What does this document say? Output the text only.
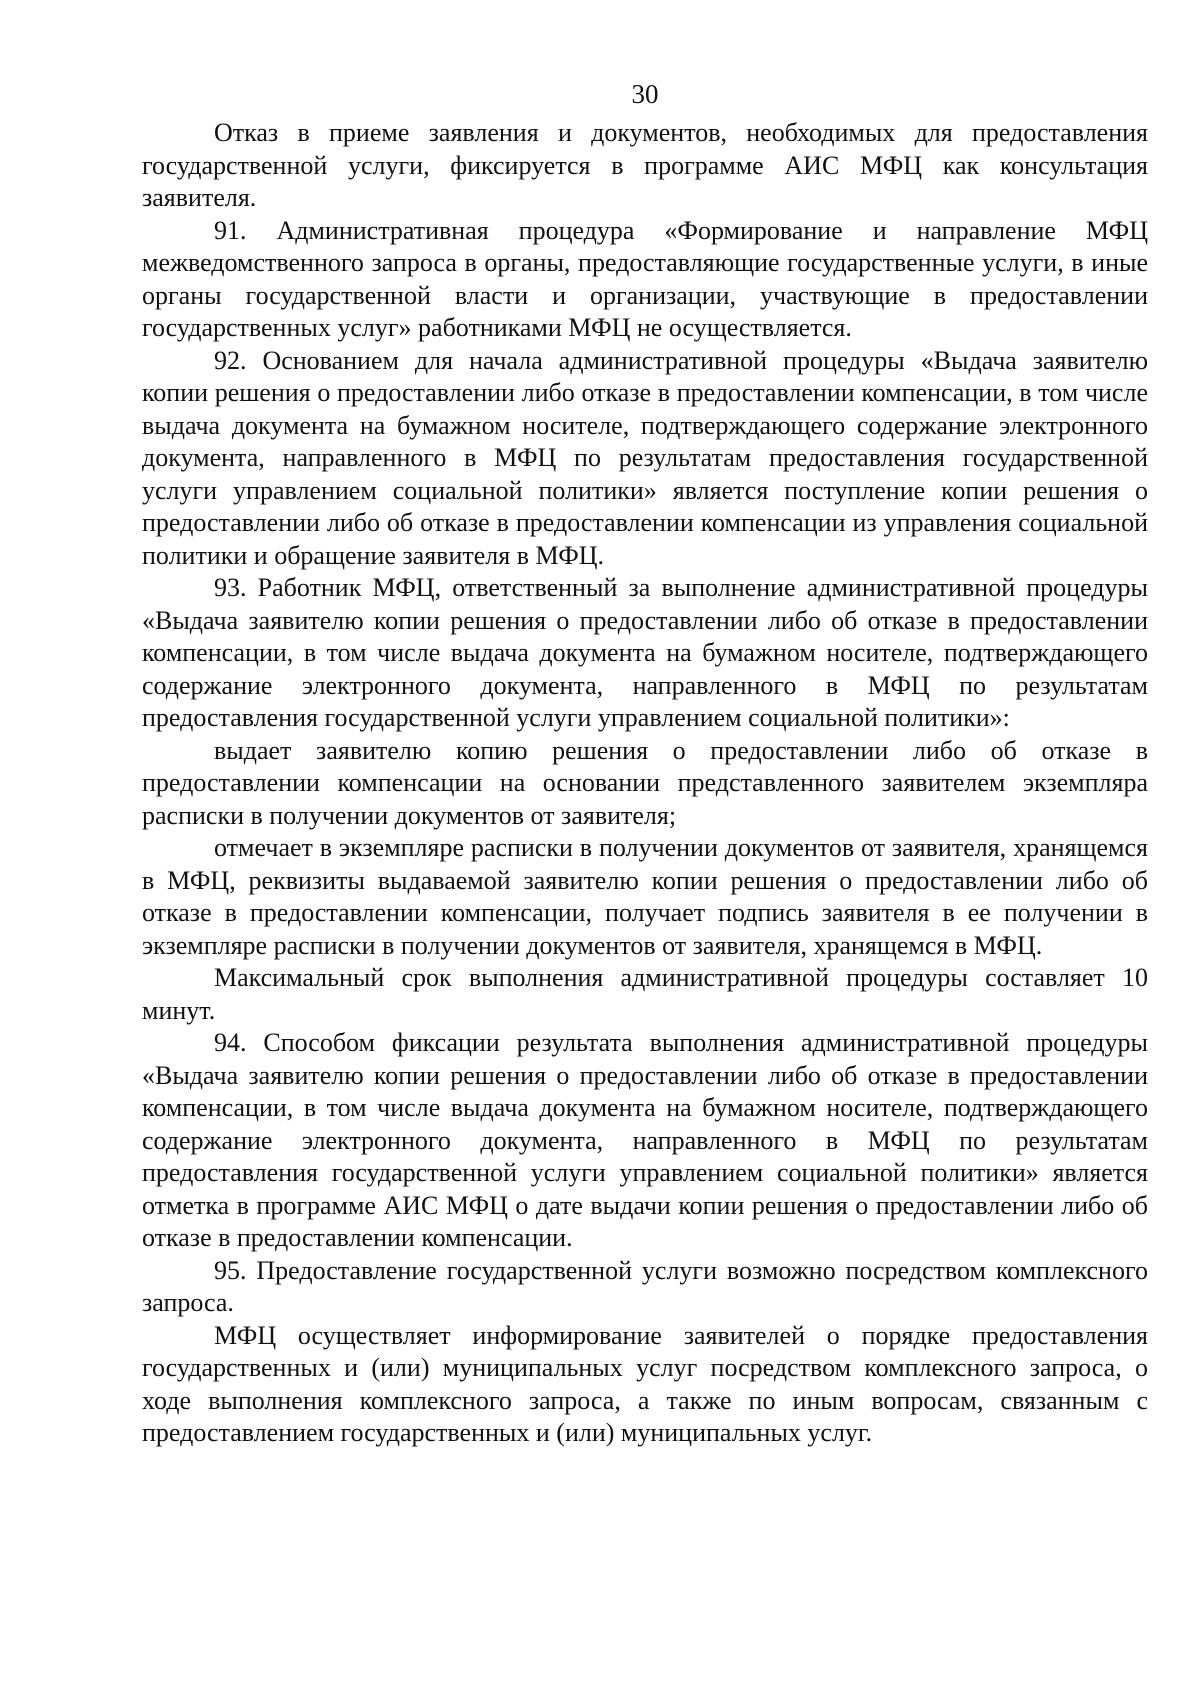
30

Отказ в приеме заявления и документов, необходимых для предоставления государственной услуги, фиксируется в программе АИС МФЦ как консультация заявителя.

91. Административная процедура «Формирование и направление МФЦ межведомственного запроса в органы, предоставляющие государственные услуги, в иные органы государственной власти и организации, участвующие в предоставлении государственных услуг» работниками МФЦ не осуществляется.

92. Основанием для начала административной процедуры «Выдача заявителю копии решения о предоставлении либо отказе в предоставлении компенсации, в том числе выдача документа на бумажном носителе, подтверждающего содержание электронного документа, направленного в МФЦ по результатам предоставления государственной услуги управлением социальной политики» является поступление копии решения о предоставлении либо об отказе в предоставлении компенсации из управления социальной политики и обращение заявителя в МФЦ.

93. Работник МФЦ, ответственный за выполнение административной процедуры «Выдача заявителю копии решения о предоставлении либо об отказе в предоставлении компенсации, в том числе выдача документа на бумажном носителе, подтверждающего содержание электронного документа, направленного в МФЦ по результатам предоставления государственной услуги управлением социальной политики»:

выдает заявителю копию решения о предоставлении либо об отказе в предоставлении компенсации на основании представленного заявителем экземпляра расписки в получении документов от заявителя;

отмечает в экземпляре расписки в получении документов от заявителя, хранящемся в МФЦ, реквизиты выдаваемой заявителю копии решения о предоставлении либо об отказе в предоставлении компенсации, получает подпись заявителя в ее получении в экземпляре расписки в получении документов от заявителя, хранящемся в МФЦ.

Максимальный срок выполнения административной процедуры составляет 10 минут.

94. Способом фиксации результата выполнения административной процедуры «Выдача заявителю копии решения о предоставлении либо об отказе в предоставлении компенсации, в том числе выдача документа на бумажном носителе, подтверждающего содержание электронного документа, направленного в МФЦ по результатам предоставления государственной услуги управлением социальной политики» является отметка в программе АИС МФЦ о дате выдачи копии решения о предоставлении либо об отказе в предоставлении компенсации.

95. Предоставление государственной услуги возможно посредством комплексного запроса.

МФЦ осуществляет информирование заявителей о порядке предоставления государственных и (или) муниципальных услуг посредством комплексного запроса, о ходе выполнения комплексного запроса, а также по иным вопросам, связанным с предоставлением государственных и (или) муниципальных услуг.
